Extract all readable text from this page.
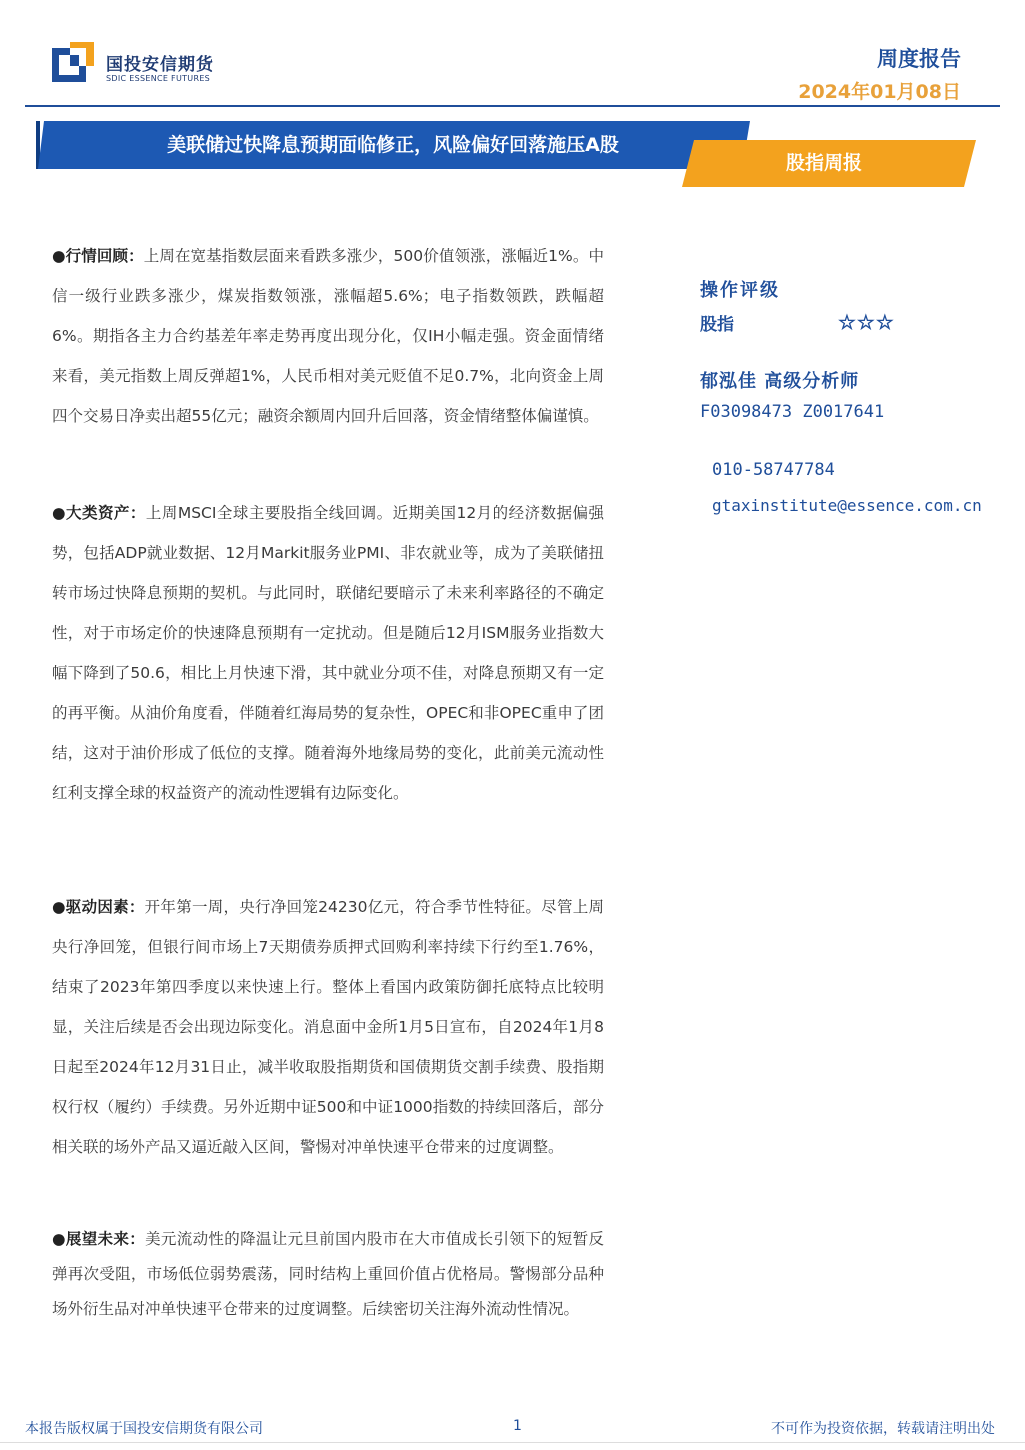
国投安信期货
SDIC ESSENCE FUTURES
周度报告
2024年01月08日
美联储过快降息预期面临修正，风险偏好回落施压A股
股指周报

●行情回顾：上周在宽基指数层面来看跌多涨少，500价值领涨，涨幅近1%。中信一级行业跌多涨少，煤炭指数领涨，涨幅超5.6%；电子指数领跌，跌幅超6%。期指各主力合约基差年率走势再度出现分化，仅IH小幅走强。资金面情绪来看，美元指数上周反弹超1%，人民币相对美元贬值不足0.7%，北向资金上周四个交易日净卖出超55亿元；融资余额周内回升后回落，资金情绪整体偏谨慎。

●大类资产：上周MSCI全球主要股指全线回调。近期美国12月的经济数据偏强势，包括ADP就业数据、12月Markit服务业PMI、非农就业等，成为了美联储扭转市场过快降息预期的契机。与此同时，联储纪要暗示了未来利率路径的不确定性，对于市场定价的快速降息预期有一定扰动。但是随后12月ISM服务业指数大幅下降到了50.6，相比上月快速下滑，其中就业分项不佳，对降息预期又有一定的再平衡。从油价角度看，伴随着红海局势的复杂性，OPEC和非OPEC重申了团结，这对于油价形成了低位的支撑。随着海外地缘局势的变化，此前美元流动性红利支撑全球的权益资产的流动性逻辑有边际变化。

●驱动因素：开年第一周，央行净回笼24230亿元，符合季节性特征。尽管上周央行净回笼，但银行间市场上7天期债券质押式回购利率持续下行约至1.76%，结束了2023年第四季度以来快速上行。整体上看国内政策防御托底特点比较明显，关注后续是否会出现边际变化。消息面中金所1月5日宣布，自2024年1月8日起至2024年12月31日止，减半收取股指期货和国债期货交割手续费、股指期权行权（履约）手续费。另外近期中证500和中证1000指数的持续回落后，部分相关联的场外产品又逼近敲入区间，警惕对冲单快速平仓带来的过度调整。

●展望未来：美元流动性的降温让元旦前国内股市在大市值成长引领下的短暂反弹再次受阻，市场低位弱势震荡，同时结构上重回价值占优格局。警惕部分品种场外衍生品对冲单快速平仓带来的过度调整。后续密切关注海外流动性情况。

操作评级
股指	☆☆☆
郁泓佳 高级分析师
F03098473 Z0017641
010-58747784
gtaxinstitute@essence.com.cn
本报告版权属于国投安信期货有限公司	1	不可作为投资依据，转载请注明出处
